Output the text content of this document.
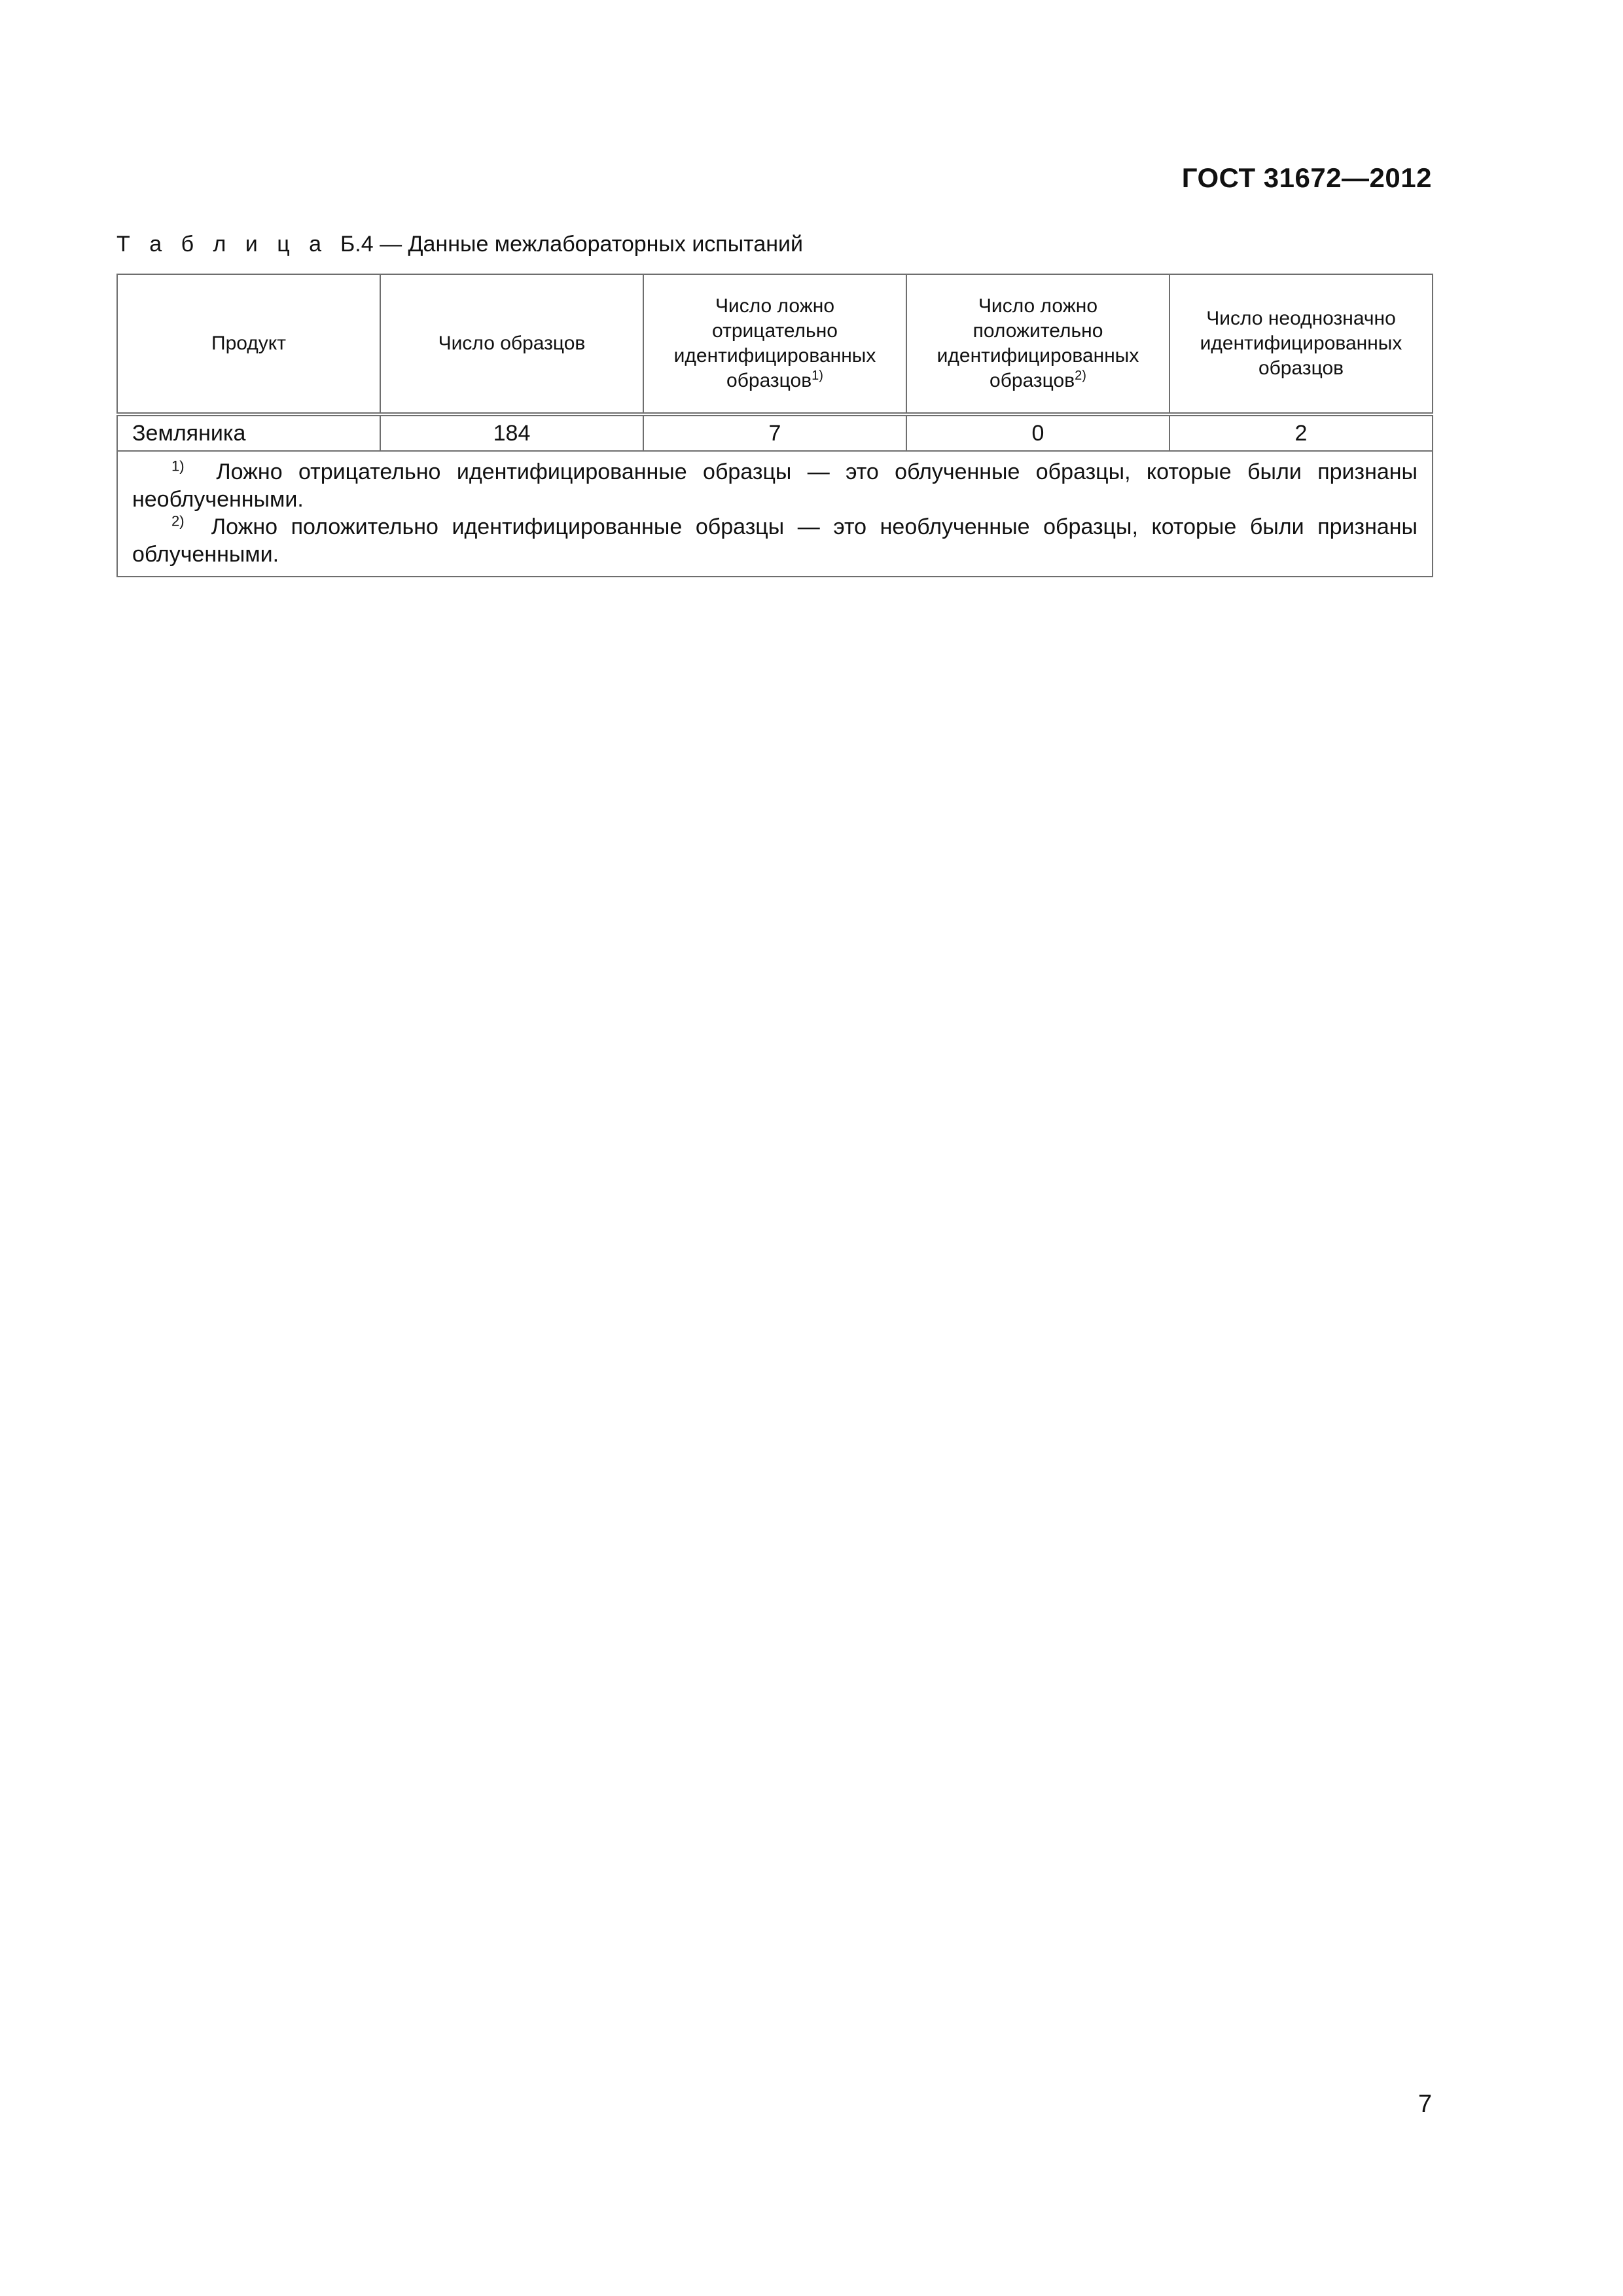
ГОСТ 31672—2012
Т а б л и ц а Б.4 — Данные межлабораторных испытаний
Продукт	Число образцов	Число ложно отрицательно идентифицированных образцов$^{1)}$	Число ложно положительно идентифицированных образцов$^{2)}$	Число неоднозначно идентифицированных образцов
Земляника	184	7	0	2

$^{1)}$ Ложно отрицательно идентифицированные образцы — это облученные образцы, которые были признаны необлученными.

$^{2)}$ Ложно положительно идентифицированные образцы — это необлученные образцы, которые были признаны облученными.				

7
